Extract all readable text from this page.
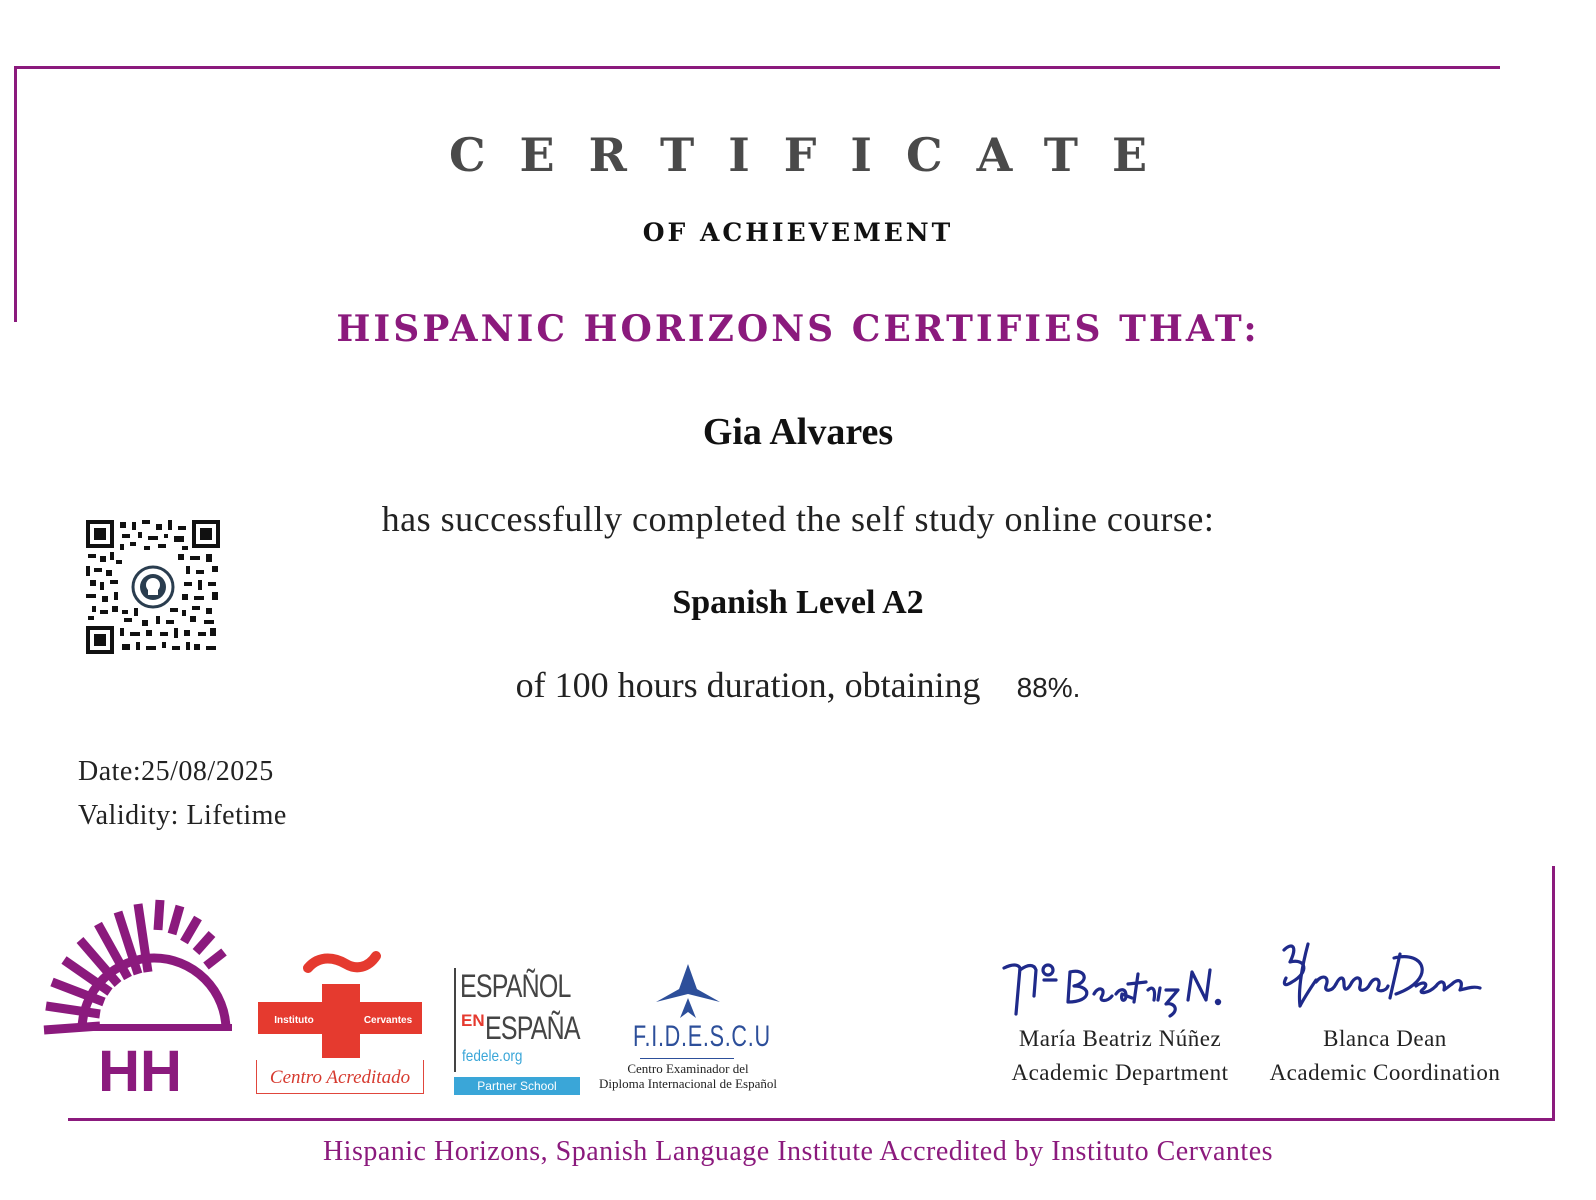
CERTIFICATE
OF ACHIEVEMENT
HISPANIC HORIZONS CERTIFIES THAT:
Gia Alvares
has successfully completed the self study online course:
Spanish Level A2
of 100 hours duration, obtaining 88%.
Date:25/08/2025
Validity: Lifetime
HH
Instituto	Cervantes
Centro Acreditado
ESPAÑOL
EN ESPAÑA
fedele.org
Partner School
F.I.D.E.S.C.U
Centro Examinador del
Diploma Internacional de Español
María Beatriz Núñez
Academic Department
Blanca Dean
Academic Coordination
Hispanic Horizons, Spanish Language Institute Accredited by Instituto Cervantes
